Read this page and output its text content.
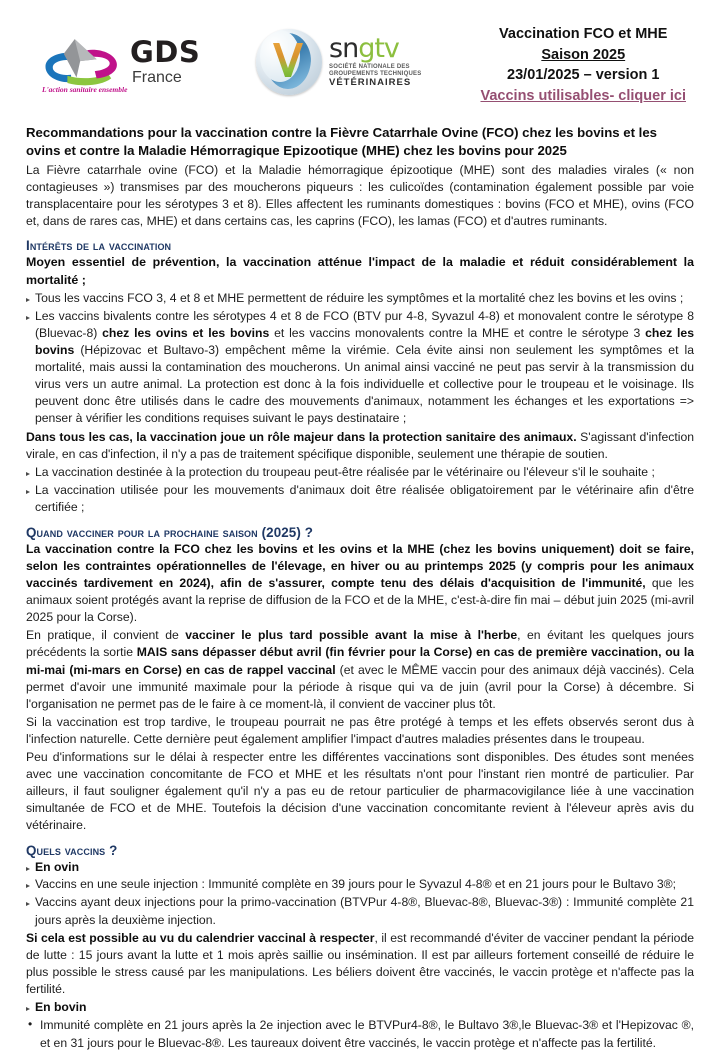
L'action sanitaire ensemble
GDS
France
sngtv
SOCIÉTÉ NATIONALE DES
GROUPEMENTS TECHNIQUES
VÉTÉRINAIRES
Vaccination FCO et MHE
Saison 2025
23/01/2025 – version 1
Vaccins utilisables- cliquer ici
Recommandations pour la vaccination contre la Fièvre Catarrhale Ovine (FCO) chez les bovins et les ovins et contre la Maladie Hémorragique Epizootique (MHE) chez les bovins pour 2025

La Fièvre catarrhale ovine (FCO) et la Maladie hémorragique épizootique (MHE) sont des maladies virales (« non contagieuses ») transmises par des moucherons piqueurs : les culicoïdes (contamination également possible par voie transplacentaire pour les sérotypes 3 et 8). Elles affectent les ruminants domestiques : bovins (FCO et MHE), ovins (FCO et, dans de rares cas, MHE) et dans certains cas, les caprins (FCO), les lamas (FCO) et d'autres ruminants.

Intérêts de la vaccination

Moyen essentiel de prévention, la vaccination atténue l'impact de la maladie et réduit considérablement la mortalité ;

Tous les vaccins FCO 3, 4 et 8 et MHE permettent de réduire les symptômes et la mortalité chez les bovins et les ovins ;
Les vaccins bivalents contre les sérotypes 4 et 8 de FCO (BTV pur 4-8, Syvazul 4-8) et monovalent contre le sérotype 8 (Bluevac-8) chez les ovins et les bovins et les vaccins monovalents contre la MHE et contre le sérotype 3 chez les bovins (Hépizovac et Bultavo-3) empêchent même la virémie. Cela évite ainsi non seulement les symptômes et la mortalité, mais aussi la contamination des moucherons. Un animal ainsi vacciné ne peut pas servir à la transmission du virus vers un autre animal. La protection est donc à la fois individuelle et collective pour le troupeau et le voisinage. Ils peuvent donc être utilisés dans le cadre des mouvements d'animaux, notamment les échanges et les exportations => penser à vérifier les conditions requises suivant le pays destinataire ;

Dans tous les cas, la vaccination joue un rôle majeur dans la protection sanitaire des animaux. S'agissant d'infection virale, en cas d'infection, il n'y a pas de traitement spécifique disponible, seulement une thérapie de soutien.

La vaccination destinée à la protection du troupeau peut-être réalisée par le vétérinaire ou l'éleveur s'il le souhaite ;
La vaccination utilisée pour les mouvements d'animaux doit être réalisée obligatoirement par le vétérinaire afin d'être certifiée ;
Quand vacciner pour la prochaine saison (2025) ?

La vaccination contre la FCO chez les bovins et les ovins et la MHE (chez les bovins uniquement) doit se faire, selon les contraintes opérationnelles de l'élevage, en hiver ou au printemps 2025 (y compris pour les animaux vaccinés tardivement en 2024), afin de s'assurer, compte tenu des délais d'acquisition de l'immunité, que les animaux soient protégés avant la reprise de diffusion de la FCO et de la MHE, c'est-à-dire fin mai – début juin 2025 (mi-avril 2025 pour la Corse).

En pratique, il convient de vacciner le plus tard possible avant la mise à l'herbe, en évitant les quelques jours précédents la sortie MAIS sans dépasser début avril (fin février pour la Corse) en cas de première vaccination, ou la mi-mai (mi-mars en Corse) en cas de rappel vaccinal (et avec le MÊME vaccin pour des animaux déjà vaccinés). Cela permet d'avoir une immunité maximale pour la période à risque qui va de juin (avril pour la Corse) à décembre. Si l'organisation ne permet pas de le faire à ce moment-là, il convient de vacciner plus tôt.

Si la vaccination est trop tardive, le troupeau pourrait ne pas être protégé à temps et les effets observés seront dus à l'infection naturelle. Cette dernière peut également amplifier l'impact d'autres maladies présentes dans le troupeau.

Peu d'informations sur le délai à respecter entre les différentes vaccinations sont disponibles. Des études sont menées avec une vaccination concomitante de FCO et MHE et les résultats n'ont pour l'instant rien montré de particulier. Par ailleurs, il faut souligner également qu'il n'y a pas eu de retour particulier de pharmacovigilance liée à une vaccination simultanée de FCO et de MHE. Toutefois la décision d'une vaccination concomitante revient à l'éleveur après avis du vétérinaire.

Quels vaccins ?
En ovin
Vaccins en une seule injection : Immunité complète en 39 jours pour le Syvazul 4-8® et en 21 jours pour le Bultavo 3®;
Vaccins ayant deux injections pour la primo-vaccination (BTVPur 4-8®, Bluevac-8®, Bluevac-3®) : Immunité complète 21 jours après la deuxième injection.

Si cela est possible au vu du calendrier vaccinal à respecter, il est recommandé d'éviter de vacciner pendant la période de lutte : 15 jours avant la lutte et 1 mois après saillie ou insémination. Il est par ailleurs fortement conseillé de réduire le plus possible le stress causé par les manipulations. Les béliers doivent être vaccinés, le vaccin protège et n'affecte pas la fertilité.

En bovin
• Immunité complète en 21 jours après la 2e injection avec le BTVPur4-8®, le Bultavo 3®,le Bluevac-3® et l'Hepizovac ®, et en 31 jours pour le Bluevac-8®. Les taureaux doivent être vaccinés, le vaccin protège et n'affecte pas la fertilité.
